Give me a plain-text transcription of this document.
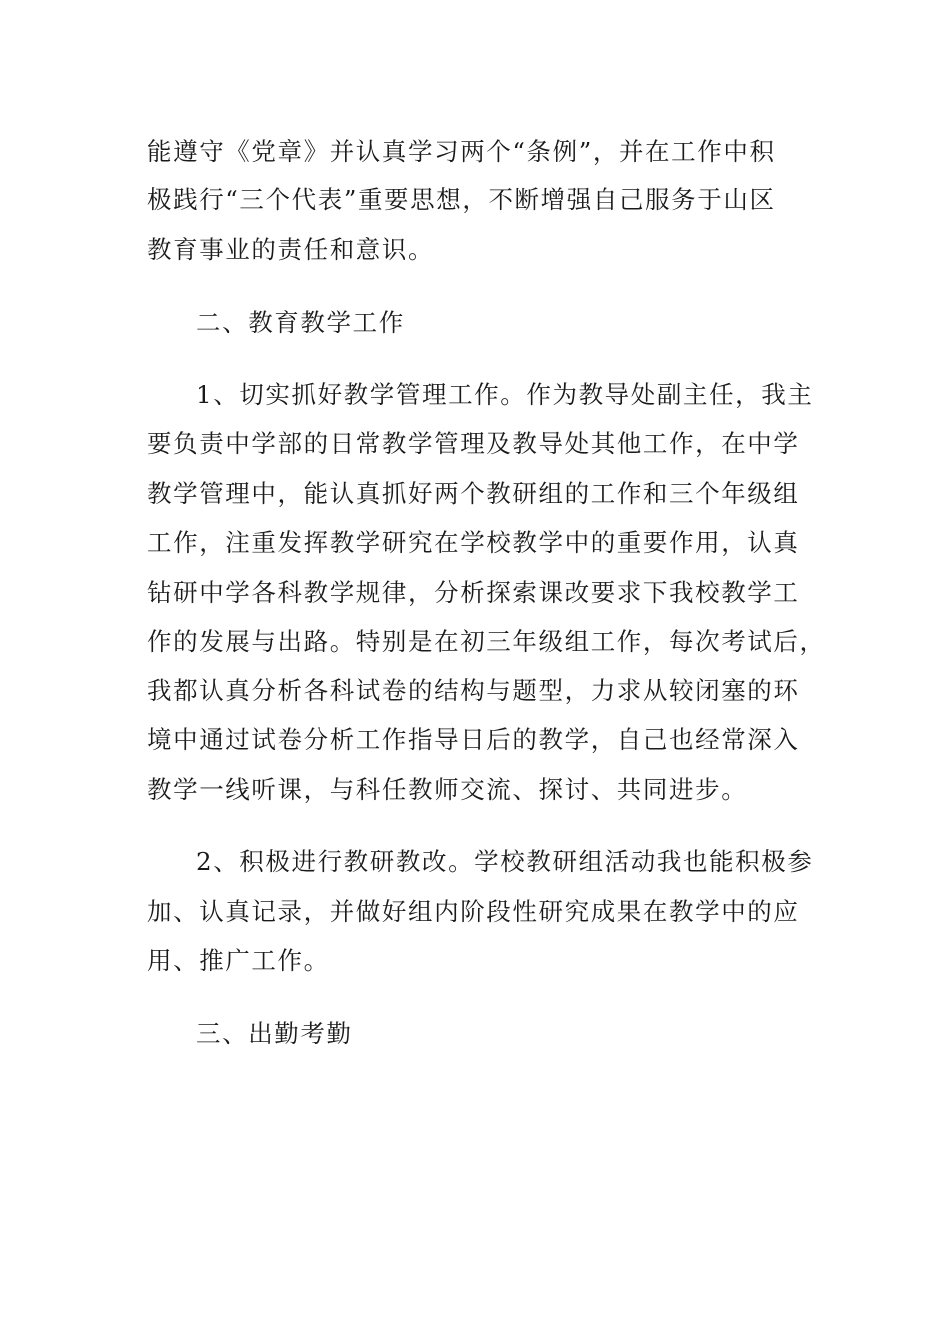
能遵守《党章》并认真学习两个“条例”，并在工作中积
极践行“三个代表”重要思想，不断增强自己服务于山区
教育事业的责任和意识。
二、教育教学工作
1、切实抓好教学管理工作。作为教导处副主任，我主
要负责中学部的日常教学管理及教导处其他工作，在中学
教学管理中，能认真抓好两个教研组的工作和三个年级组
工作，注重发挥教学研究在学校教学中的重要作用，认真
钻研中学各科教学规律，分析探索课改要求下我校教学工
作的发展与出路。特别是在初三年级组工作，每次考试后，
我都认真分析各科试卷的结构与题型，力求从较闭塞的环
境中通过试卷分析工作指导日后的教学，自己也经常深入
教学一线听课，与科任教师交流、探讨、共同进步。
2、积极进行教研教改。学校教研组活动我也能积极参
加、认真记录，并做好组内阶段性研究成果在教学中的应
用、推广工作。
三、出勤考勤
